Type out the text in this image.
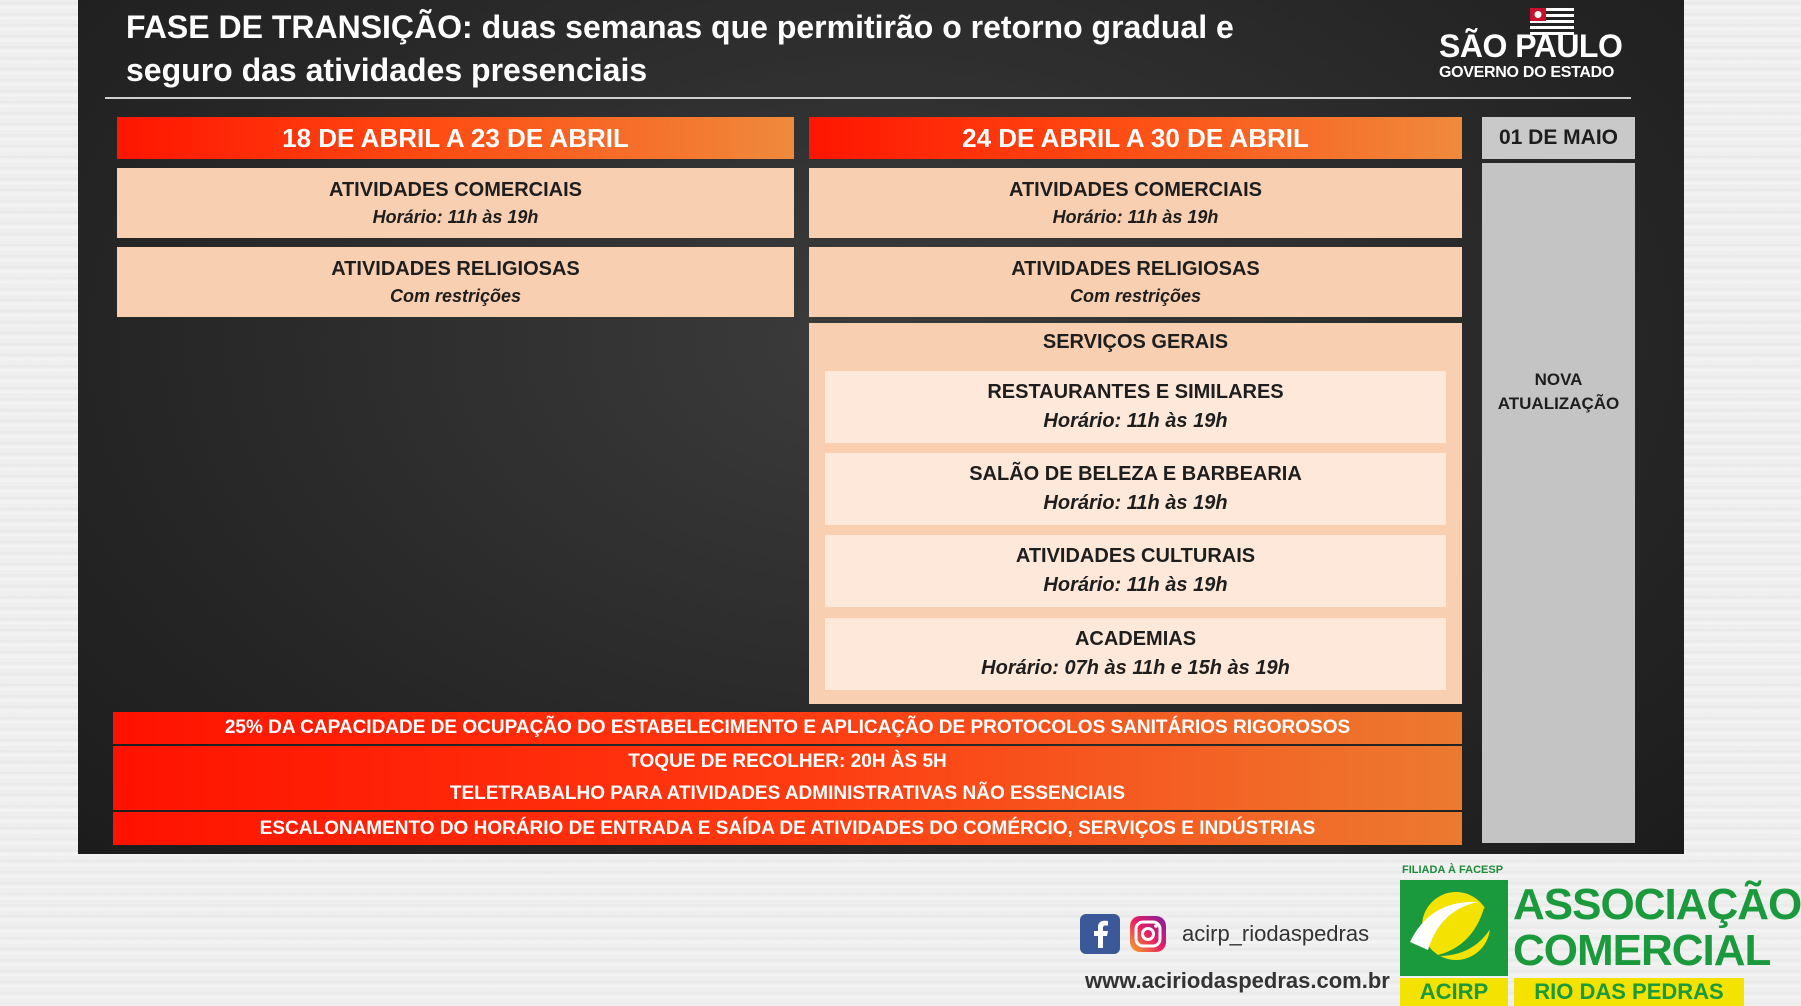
FASE DE TRANSIÇÃO: duas semanas que permitirão o retorno gradual e seguro das atividades presenciais
SÃO PAULO
GOVERNO DO ESTADO
18 DE ABRIL A 23 DE ABRIL
ATIVIDADES COMERCIAIS
Horário: 11h às 19h
ATIVIDADES RELIGIOSAS
Com restrições
24 DE ABRIL A 30 DE ABRIL
ATIVIDADES COMERCIAIS
Horário: 11h às 19h
ATIVIDADES RELIGIOSAS
Com restrições
SERVIÇOS GERAIS
RESTAURANTES E SIMILARES
Horário: 11h às 19h
SALÃO DE BELEZA E BARBEARIA
Horário: 11h às 19h
ATIVIDADES CULTURAIS
Horário: 11h às 19h
ACADEMIAS
Horário: 07h às 11h e 15h às 19h
01 DE MAIO
NOVA
ATUALIZAÇÃO
25% DA CAPACIDADE DE OCUPAÇÃO DO ESTABELECIMENTO E APLICAÇÃO DE PROTOCOLOS SANITÁRIOS RIGOROSOS
TOQUE DE RECOLHER: 20H ÀS 5H
TELETRABALHO PARA ATIVIDADES ADMINISTRATIVAS NÃO ESSENCIAIS
ESCALONAMENTO DO HORÁRIO DE ENTRADA E SAÍDA DE ATIVIDADES DO COMÉRCIO, SERVIÇOS E INDÚSTRIAS
acirp_riodaspedras
www.aciriodaspedras.com.br
FILIADA À FACESP
ASSOCIAÇÃO
COMERCIAL
ACIRP	RIO DAS PEDRAS
